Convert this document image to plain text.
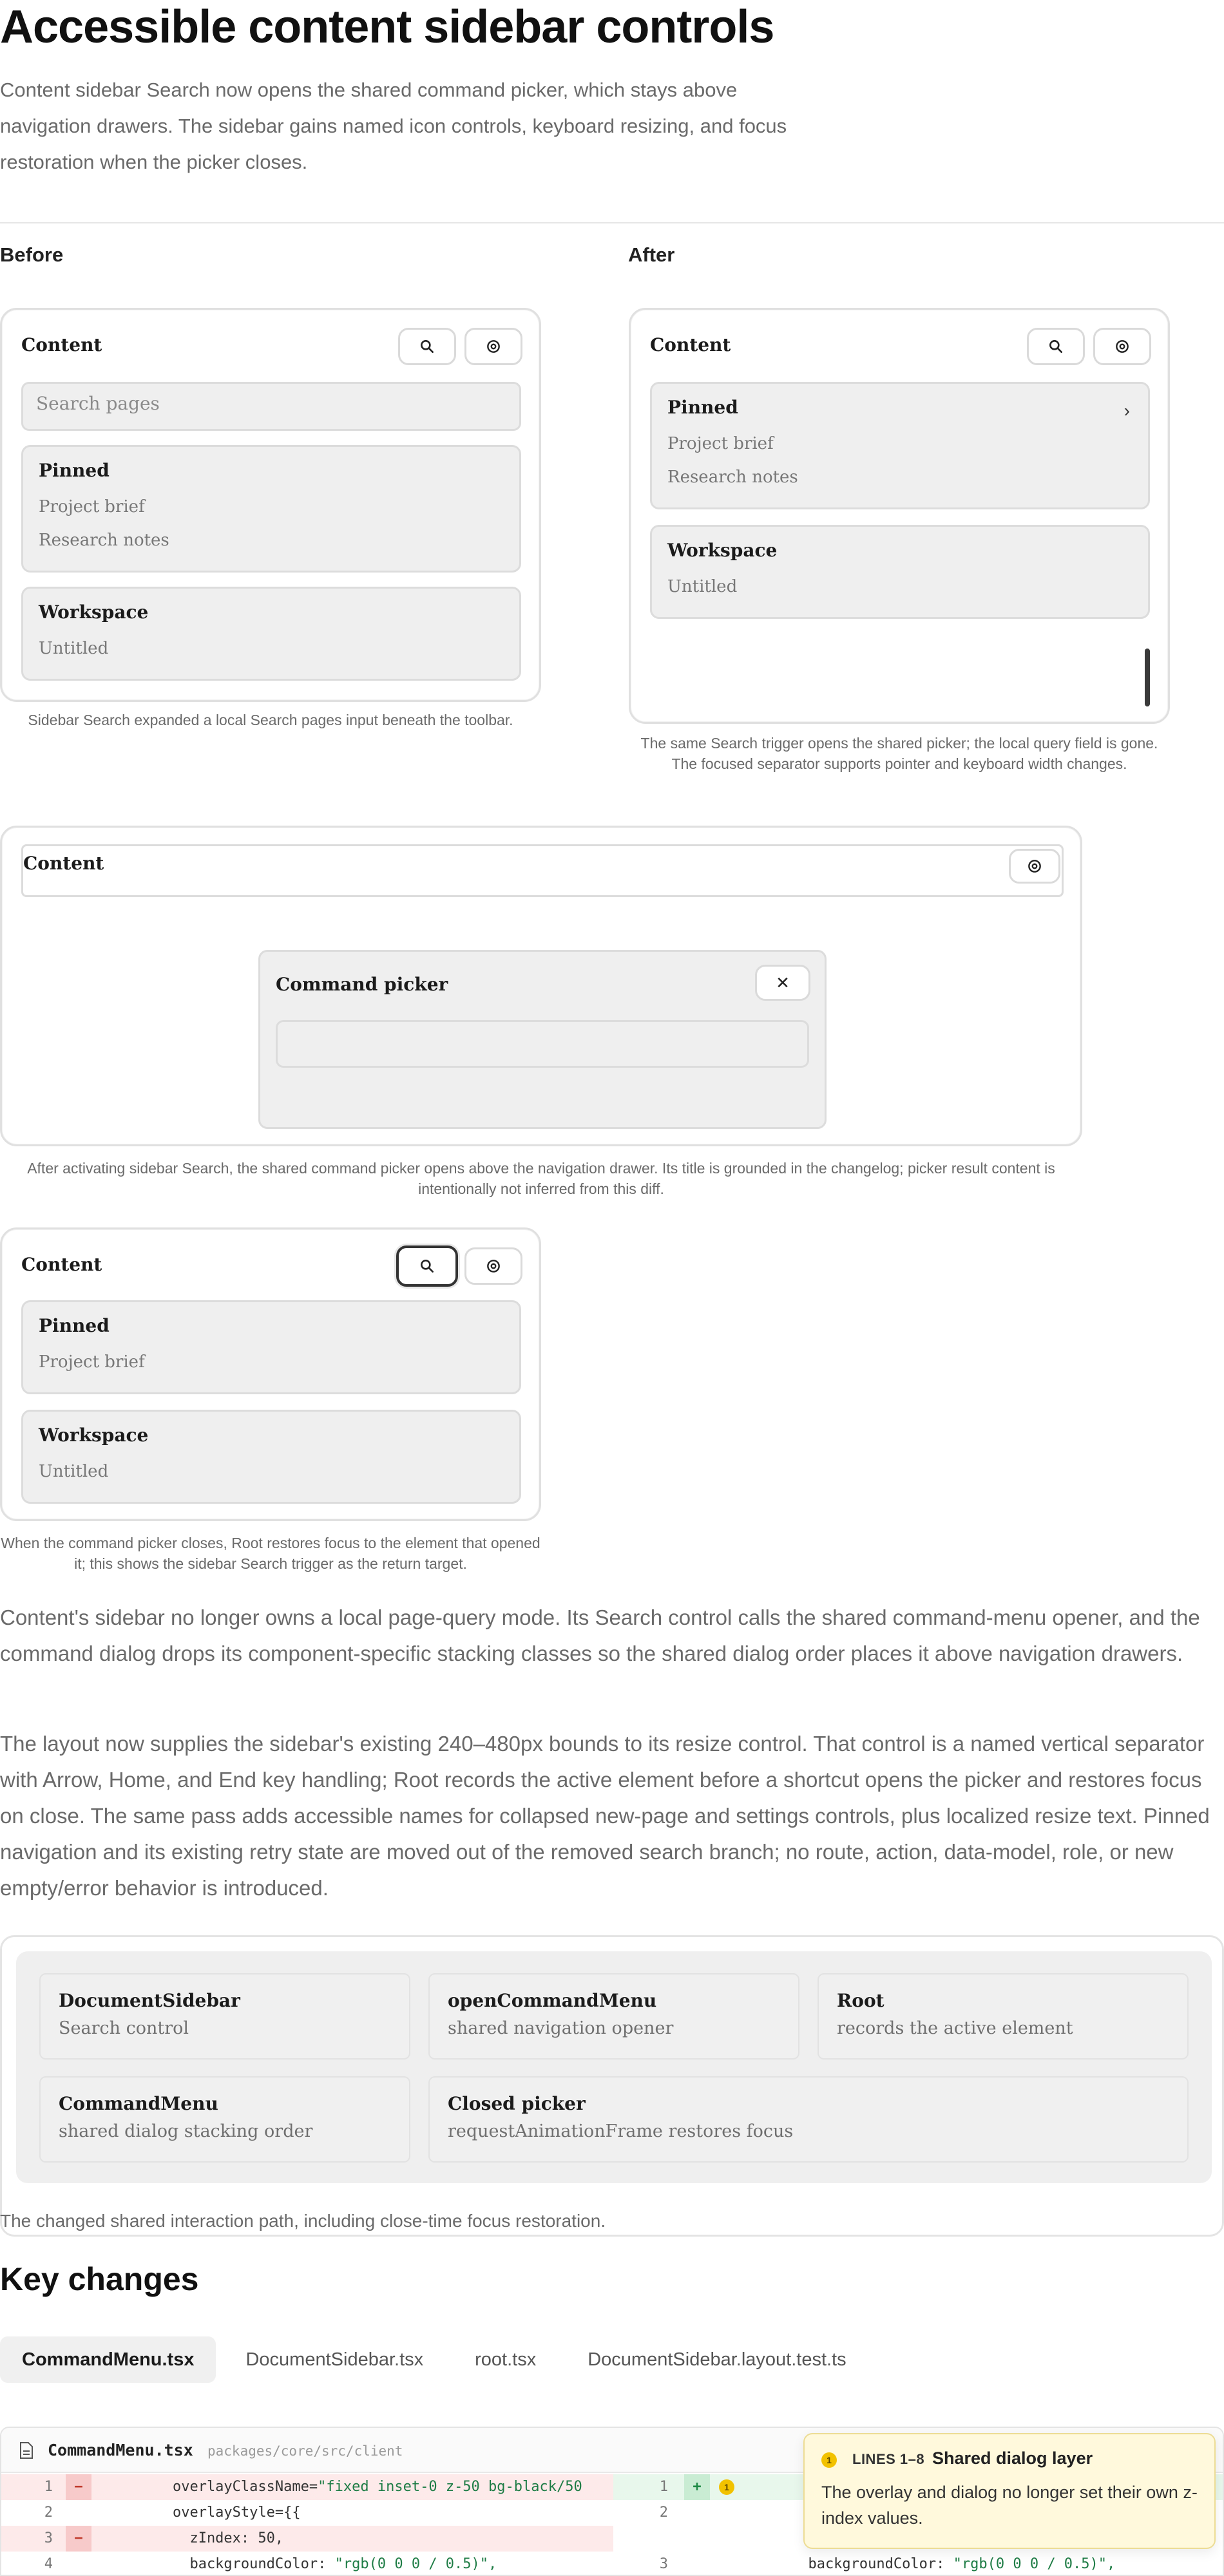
Accessible content sidebar controls

Content sidebar Search now opens the shared command picker, which stays above navigation drawers. The sidebar gains named icon controls, keyboard resizing, and focus restoration when the picker closes.

Before	After
Content
Search pages
Pinned
Project brief
Research notes
Workspace
Untitled
Sidebar Search expanded a local Search pages input beneath the toolbar.
Content
Pinned	›
Project brief
Research notes
Workspace
Untitled
The same Search trigger opens the shared picker; the local query field is gone. The focused separator supports pointer and keyboard width changes.
Content
Command picker	✕
After activating sidebar Search, the shared command picker opens above the navigation drawer. Its title is grounded in the changelog; picker result content is intentionally not inferred from this diff.
Content
Pinned
Project brief
Workspace
Untitled
When the command picker closes, Root restores focus to the element that opened it; this shows the sidebar Search trigger as the return target.

Content's sidebar no longer owns a local page-query mode. Its Search control calls the shared command-menu opener, and the command dialog drops its component-specific stacking classes so the shared dialog order places it above navigation drawers.

The layout now supplies the sidebar's existing 240–480px bounds to its resize control. That control is a named vertical separator with Arrow, Home, and End key handling; Root records the active element before a shortcut opens the picker and restores focus on close. The same pass adds accessible names for collapsed new-page and settings controls, plus localized resize text. Pinned navigation and its existing retry state are moved out of the removed search branch; no route, action, data-model, role, or new empty/error behavior is introduced.

DocumentSidebar
Search control
openCommandMenu
shared navigation opener
Root
records the active element
CommandMenu
shared dialog stacking order
Closed picker
requestAnimationFrame restores focus
The changed shared interaction path, including close-time focus restoration.
Key changes
CommandMenu.tsx	DocumentSidebar.tsx	root.tsx	DocumentSidebar.layout.test.ts
CommandMenu.tsx packages/core/src/client
1	−	overlayClassName="fixed inset-0 z-50 bg-black/50	1	+	1
2	overlayStyle={{	2
3	−	zIndex: 50,
4	backgroundColor: "rgb(0 0 0 / 0.5)",	3	backgroundColor: "rgb(0 0 0 / 0.5)",
1	LINES 1–8 Shared dialog layer
The overlay and dialog no longer set their own z-index values.
